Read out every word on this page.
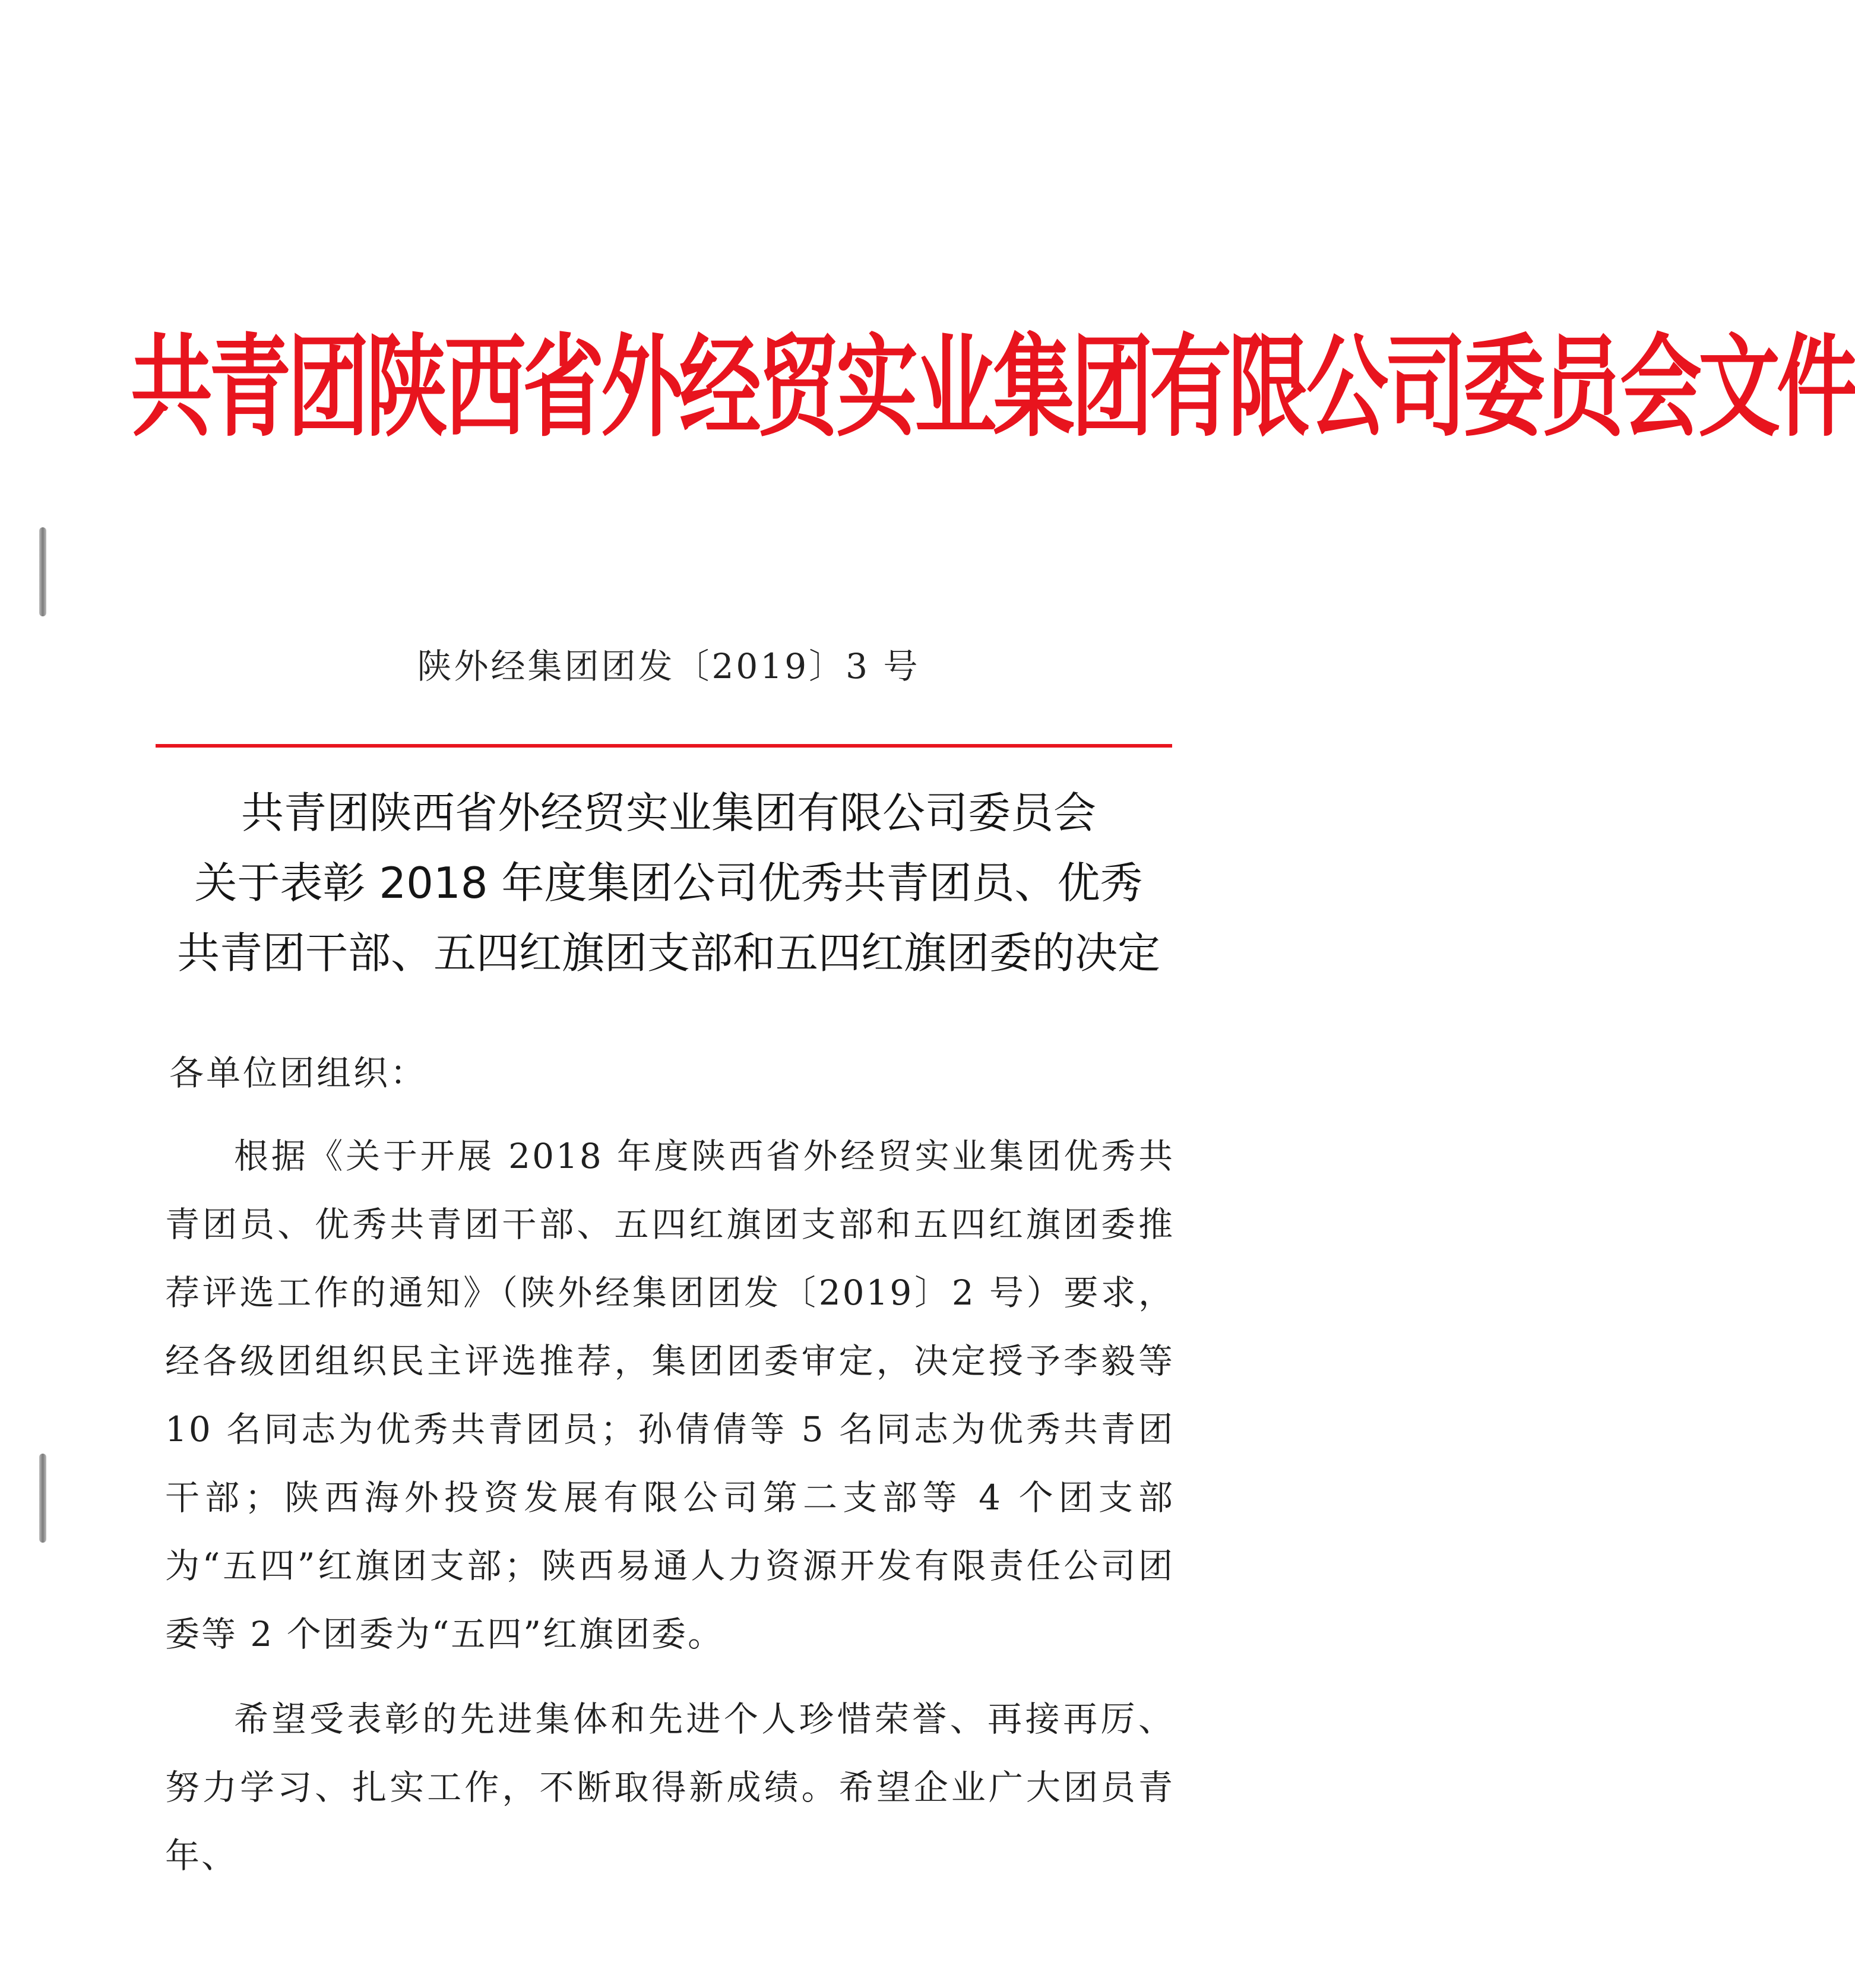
共青团陕西省外经贸实业集团有限公司委员会文件
陕外经集团团发〔2019〕3 号
共青团陕西省外经贸实业集团有限公司委员会
关于表彰 2018 年度集团公司优秀共青团员、优秀
共青团干部、五四红旗团支部和五四红旗团委的决定
各单位团组织：

根据《关于开展 2018 年度陕西省外经贸实业集团优秀共青团员、优秀共青团干部、五四红旗团支部和五四红旗团委推荐评选工作的通知》（陕外经集团团发〔2019〕2 号）要求，经各级团组织民主评选推荐，集团团委审定，决定授予李毅等 10 名同志为优秀共青团员；孙倩倩等 5 名同志为优秀共青团干部；陕西海外投资发展有限公司第二支部等 4 个团支部为“五四”红旗团支部；陕西易通人力资源开发有限责任公司团委等 2 个团委为“五四”红旗团委。

希望受表彰的先进集体和先进个人珍惜荣誉、再接再厉、努力学习、扎实工作，不断取得新成绩。希望企业广大团员青年、
